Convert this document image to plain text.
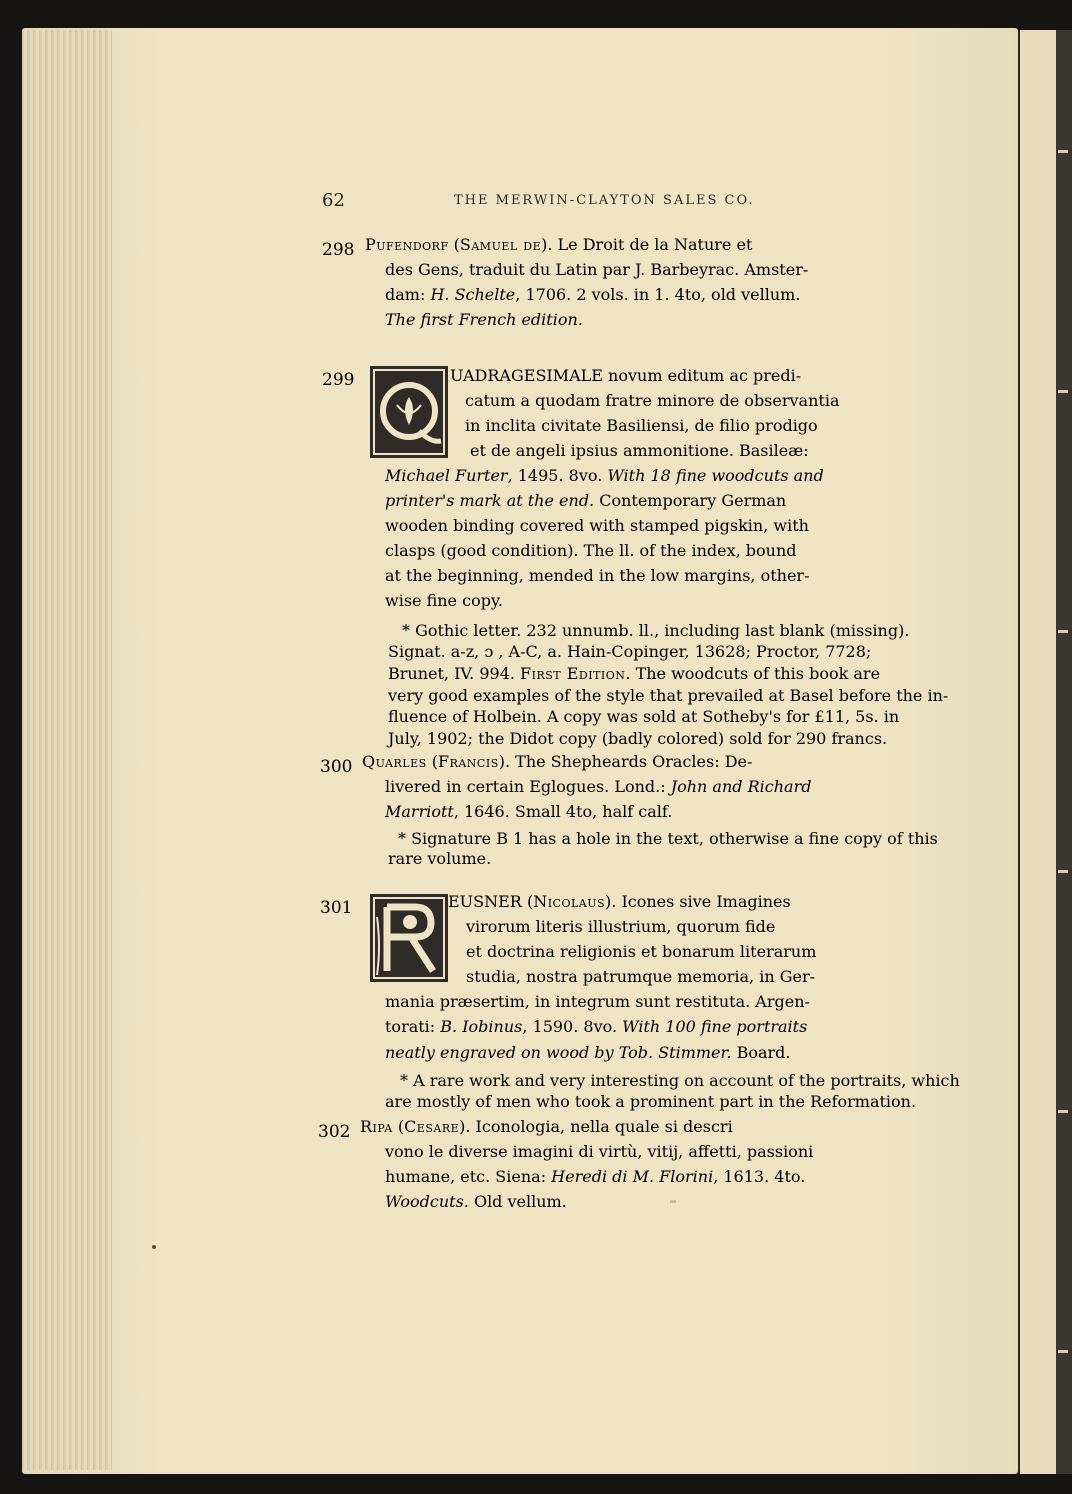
62	THE MERWIN-CLAYTON SALES CO.
298
299
300
301
302
Pufendorf (Samuel de). Le Droit de la Nature et
des Gens, traduit du Latin par J. Barbeyrac. Amster-
dam: H. Schelte, 1706. 2 vols. in 1. 4to, old vellum.
The first French edition.
UADRAGESIMALE novum editum ac predi-
catum a quodam fratre minore de observantia
in inclita civitate Basiliensi, de filio prodigo
et de angeli ipsius ammonitione. Basileæ:
Michael Furter, 1495. 8vo. With 18 fine woodcuts and
printer's mark at the end. Contemporary German
wooden binding covered with stamped pigskin, with
clasps (good condition). The ll. of the index, bound
at the beginning, mended in the low margins, other-
wise fine copy.
* Gothic letter. 232 unnumb. ll., including last blank (missing).
Signat. a-z, ɔ , A-C, a. Hain-Copinger, 13628; Proctor, 7728;
Brunet, IV. 994. First Edition. The woodcuts of this book are
very good examples of the style that prevailed at Basel before the in-
fluence of Holbein. A copy was sold at Sotheby's for £11, 5s. in
July, 1902; the Didot copy (badly colored) sold for 290 francs.
Quarles (Francis). The Shepheards Oracles: De-
livered in certain Eglogues. Lond.: John and Richard
Marriott, 1646. Small 4to, half calf.
* Signature B 1 has a hole in the text, otherwise a fine copy of this
rare volume.
EUSNER (Nicolaus). Icones sive Imagines
virorum literis illustrium, quorum fide
et doctrina religionis et bonarum literarum
studia, nostra patrumque memoria, in Ger-
mania præsertim, in integrum sunt restituta. Argen-
torati: B. Iobinus, 1590. 8vo. With 100 fine portraits
neatly engraved on wood by Tob. Stimmer. Board.
* A rare work and very interesting on account of the portraits, which
are mostly of men who took a prominent part in the Reformation.
Ripa (Cesare). Iconologia, nella quale si descri
vono le diverse imagini di virtù, vitij, affetti, passioni
humane, etc. Siena: Heredi di M. Florini, 1613. 4to.
Woodcuts. Old vellum.
